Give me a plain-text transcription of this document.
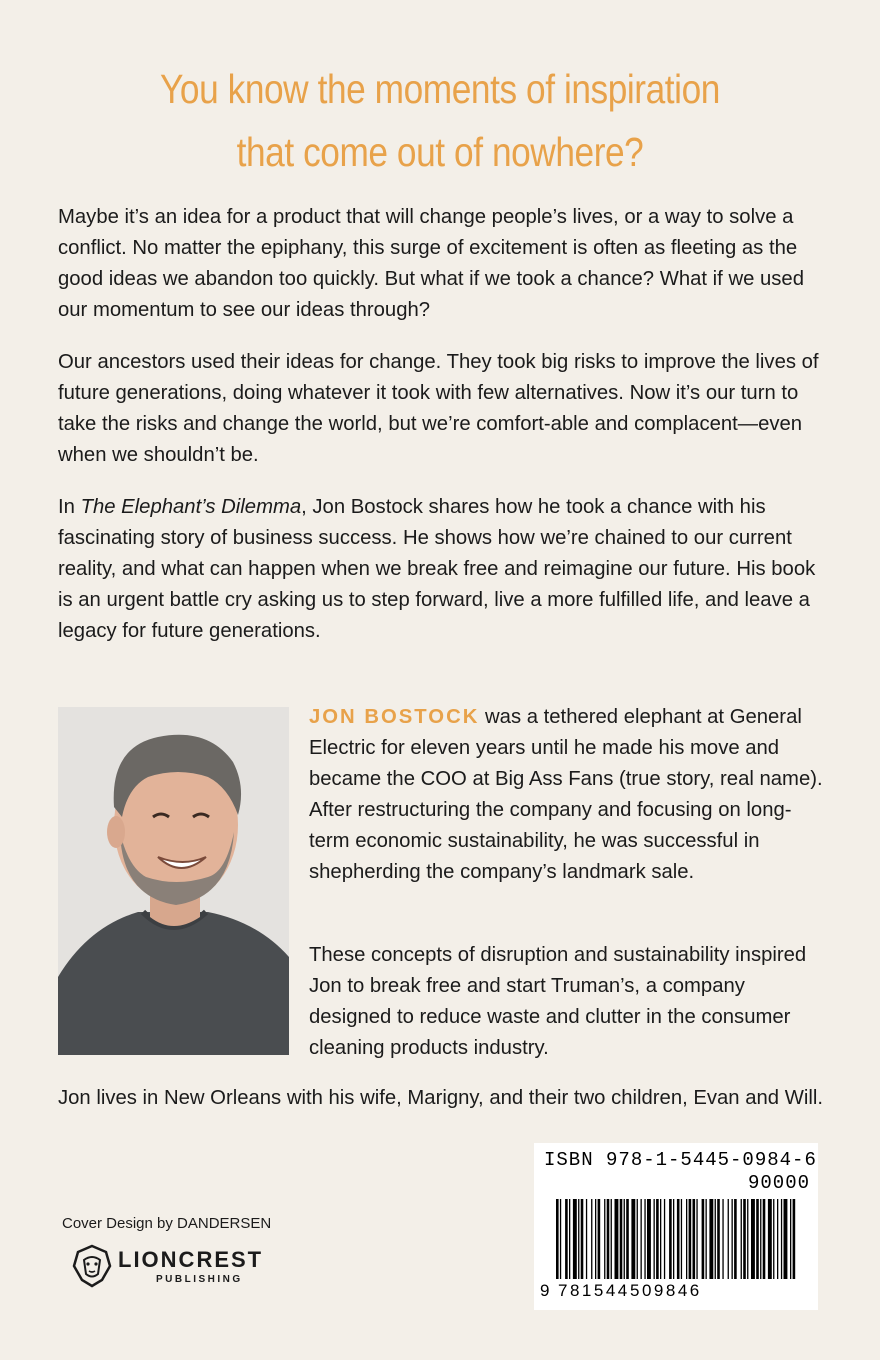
You know the moments of inspiration
that come out of nowhere?

Maybe it’s an idea for a product that will change people’s lives, or a way to solve a conflict. No matter the epiphany, this surge of excitement is often as fleeting as the good ideas we abandon too quickly. But what if we took a chance? What if we used our momentum to see our ideas through?

Our ancestors used their ideas for change. They took big risks to improve the lives of future generations, doing whatever it took with few alternatives. Now it’s our turn to take the risks and change the world, but we’re comfort-able and complacent—even when we shouldn’t be.

In The Elephant’s Dilemma, Jon Bostock shares how he took a chance with his fascinating story of business success. He shows how we’re chained to our current reality, and what can happen when we break free and reimagine our future. His book is an urgent battle cry asking us to step forward, live a more fulfilled life, and leave a legacy for future generations.

JON BOSTOCK was a tethered elephant at General Electric for eleven years until he made his move and became the COO at Big Ass Fans (true story, real name). After restructuring the company and focusing on long-term economic sustainability, he was successful in shepherding the company’s landmark sale.

These concepts of disruption and sustainability inspired Jon to break free and start Truman’s, a company designed to reduce waste and clutter in the consumer cleaning products industry.

Jon lives in New Orleans with his wife, Marigny, and their two children, Evan and Will.

Cover Design by DANDERSEN
LIONCREST
PUBLISHING
ISBN 978-1-5445-0984-6
90000
9 781544 509846
